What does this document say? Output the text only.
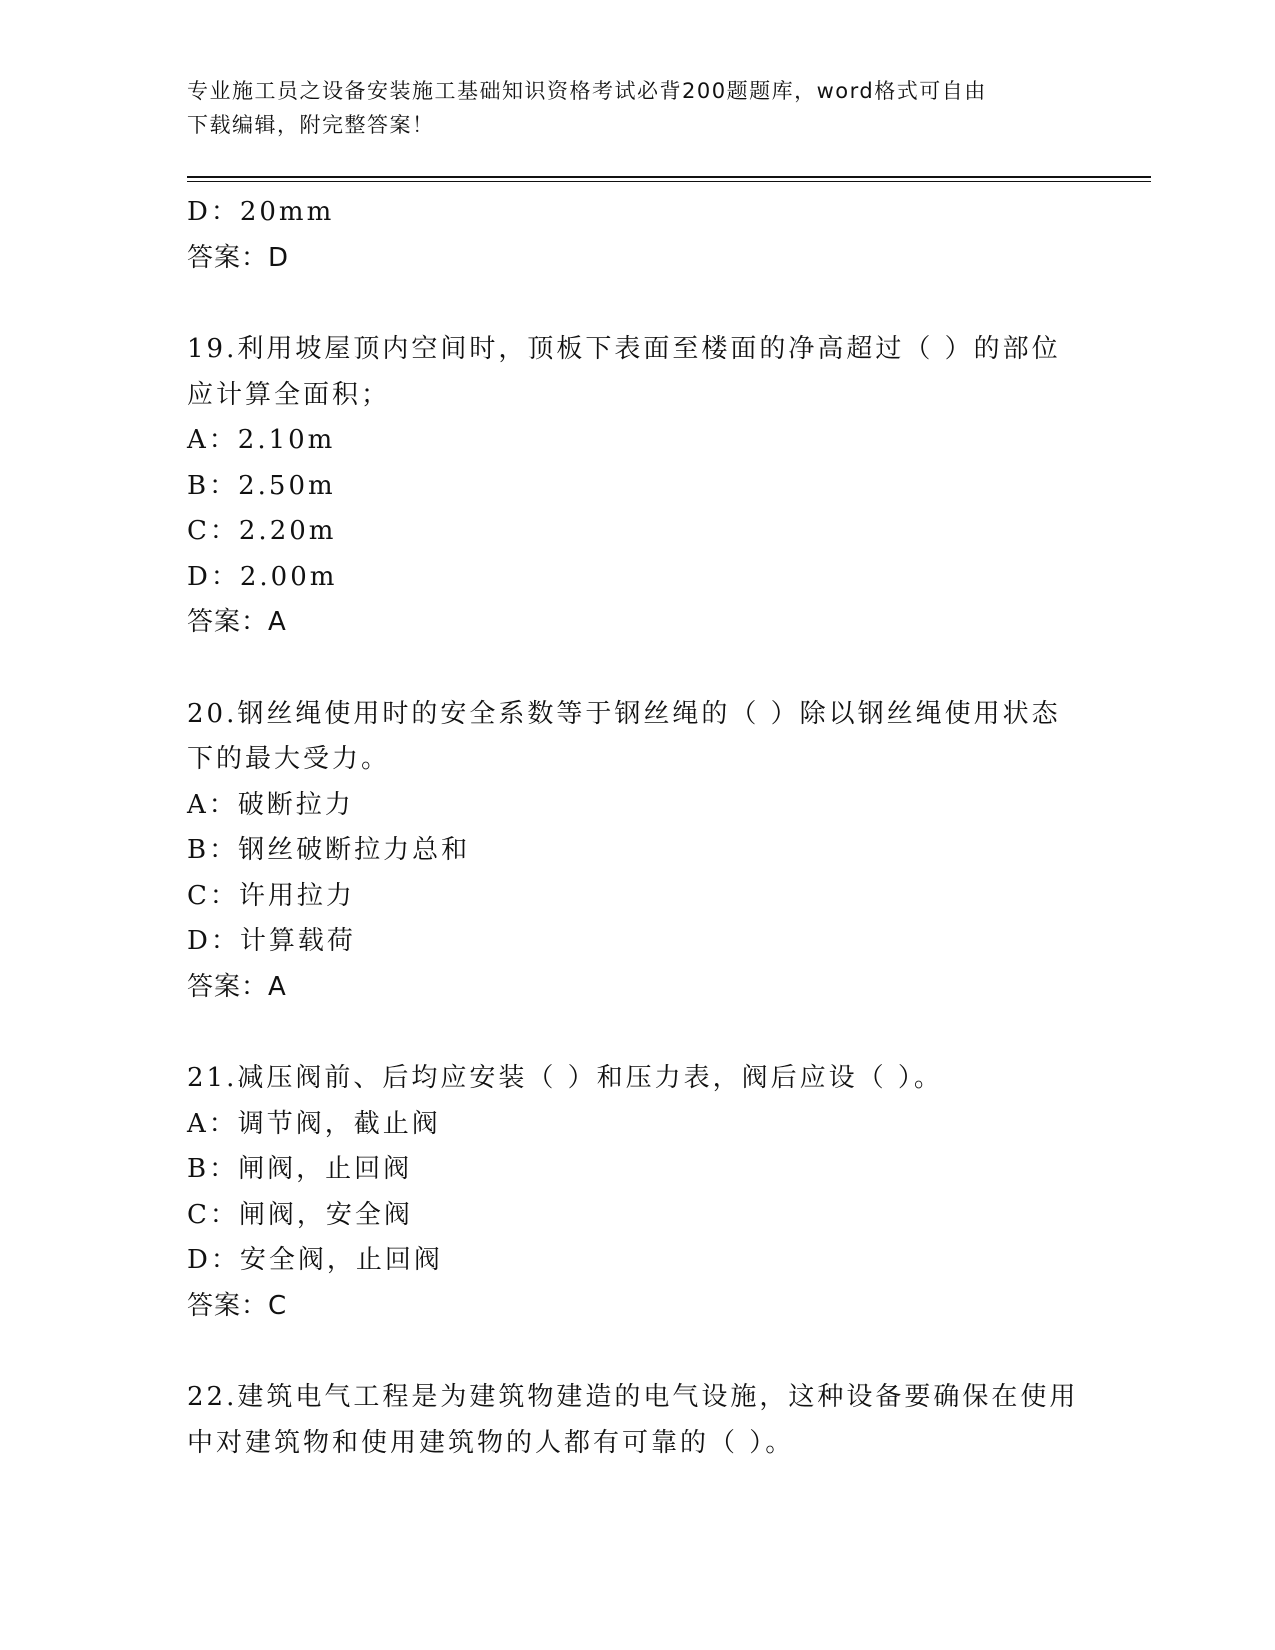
专业施工员之设备安装施工基础知识资格考试必背200题题库，word格式可自由
下载编辑，附完整答案！
D：20mm
答案：D
19.利用坡屋顶内空间时，顶板下表面至楼面的净高超过（ ）的部位
应计算全面积；
A：2.10m
B：2.50m
C：2.20m
D：2.00m
答案：A
20.钢丝绳使用时的安全系数等于钢丝绳的（ ）除以钢丝绳使用状态
下的最大受力。
A：破断拉力
B：钢丝破断拉力总和
C：许用拉力
D：计算载荷
答案：A
21.减压阀前、后均应安装（ ）和压力表，阀后应设（ ）。
A：调节阀，截止阀
B：闸阀，止回阀
C：闸阀，安全阀
D：安全阀，止回阀
答案：C
22.建筑电气工程是为建筑物建造的电气设施，这种设备要确保在使用
中对建筑物和使用建筑物的人都有可靠的（ ）。
